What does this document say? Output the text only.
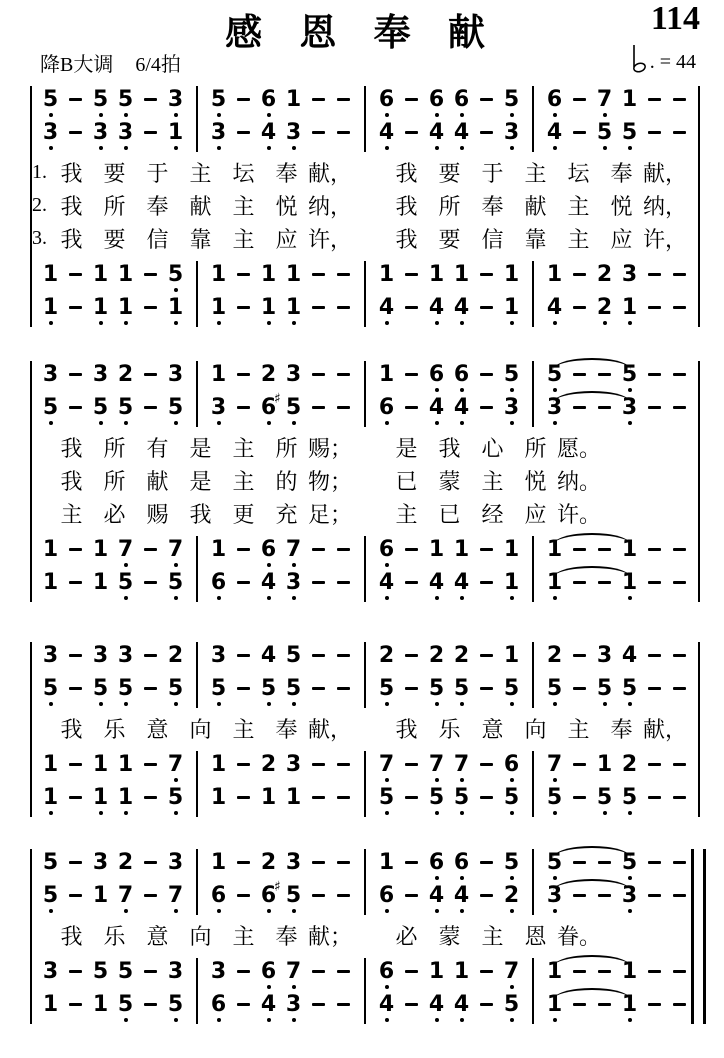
感 恩 奉 献	114
降B大调 6/4拍	. = 44
5 5 5 3
3 3 3 1
5 6 1
3 4 3
6 6 6 5
4 4 4 3
6 7 1
4 5 5
1. 我 要 于 主 坛 奉 献，	我 要 于 主 坛 奉 献，
2. 我 所 奉 献 主 悦 纳，	我 所 奉 献 主 悦 纳，
3. 我 要 信 靠 主 应 许，	我 要 信 靠 主 应 许，
1 1 1 5
1 1 1 1
1 1 1
1 1 1
1 1 1 1
4 4 4 1
1 2 3
4 2 1
3 3 2 3
5 5 5 5
1 2 3
3 6 5
♯
1 6 6 5
6 4 4 3
5	5
3	3
我 所 有 是 主 所 赐；	是 我 心 所 愿。
我 所 献 是 主 的 物；	已 蒙 主 悦 纳。
主 必 赐 我 更 充 足；	主 已 经 应 许。
1 1 7 7
1 1 5 5
1 6 7
6 4 3
6 1 1 1
4 4 4 1
1	1
1	1
3 3 3 2
5 5 5 5
3 4 5
5 5 5
2 2 2 1
5 5 5 5
2 3 4
5 5 5
我 乐 意 向 主 奉 献，	我 乐 意 向 主 奉 献，
1 1 1 7
1 1 1 5
1 2 3
1 1 1
7 7 7 6
5 5 5 5
7 1 2
5 5 5
5 3 2 3
5 1 7 7
1 2 3
6 6 5
♯
1 6 6 5
6 4 4 2
5	5
3	3
我 乐 意 向 主 奉 献；	必 蒙 主 恩 眷。
3 5 5 3
1 1 5 5
3 6 7
6 4 3
6 1 1 7
4 4 4 5
1	1
1	1
